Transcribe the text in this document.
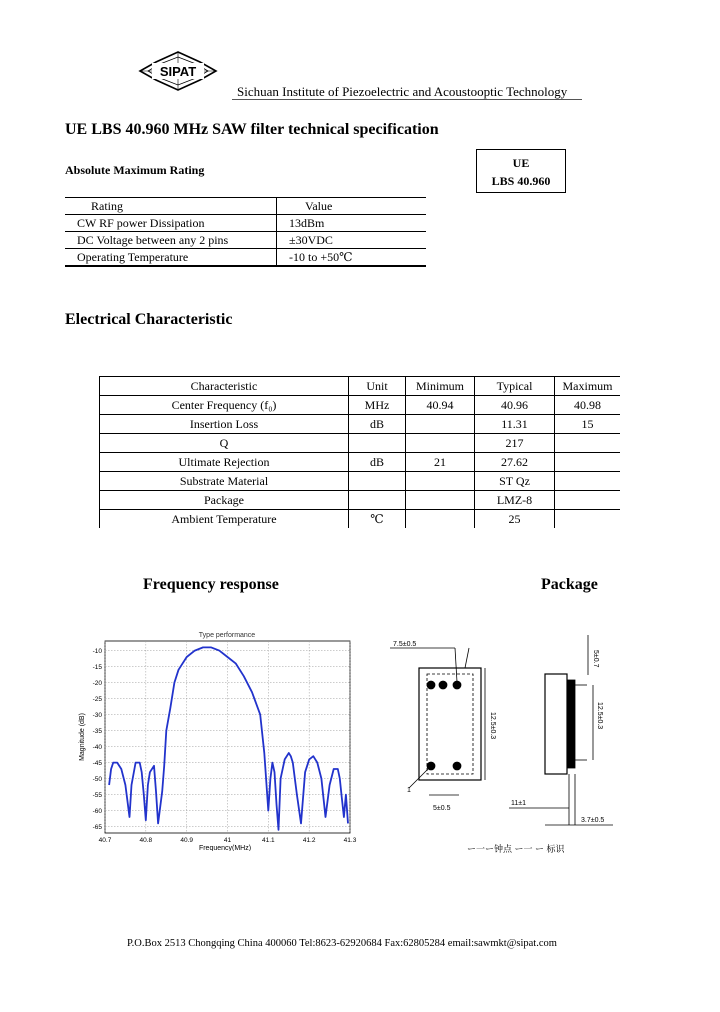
SIPAT
Sichuan Institute of Piezoelectric and Acoustooptic Technology
UE LBS 40.960 MHz SAW filter technical specification
UE
LBS 40.960
Absolute Maximum Rating
Rating	Value
CW RF power Dissipation	13dBm
DC Voltage between any 2 pins	±30VDC
Operating Temperature	-10 to +50℃
Electrical Characteristic
Characteristic	Unit	Minimum	Typical	Maximum
Center Frequency (f₀)	MHz	40.94	40.96	40.98
Insertion Loss	dB		11.31	15
Q			217	
Ultimate Rejection	dB	21	27.62	
Substrate Material			ST Qz	
Package			LMZ-8	
Ambient Temperature	℃		25	
Frequency response	Package
Type performance
-10
-15
-20
-25
-30
-35
-40
-45
-50
-55
-60
-65
40.7	40.8	40.9	41	41.1	41.2	41.3
Frequency(MHz)
Magnitude (dB)
7.5±0.5
12.5±0.3
5±0.5
1
5±0.7
12.5±0.3
11±1
3.7±0.5
ー一ー钟点 ー一 ー 标识
P.O.Box 2513 Chongqing China 400060 Tel:8623-62920684 Fax:62805284 email:sawmkt@sipat.com
